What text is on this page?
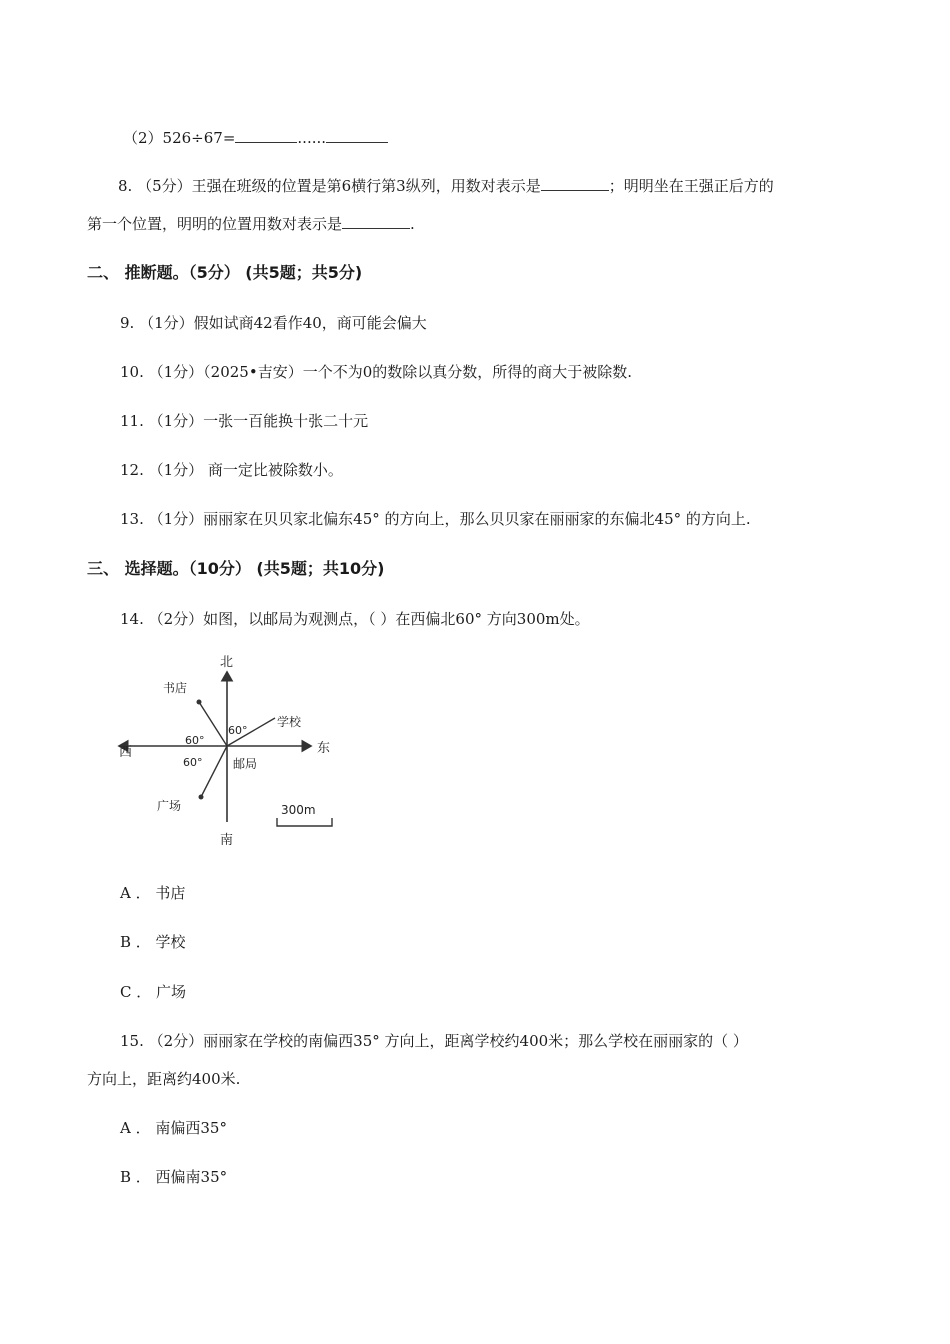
（2）526÷67=	......
8. （5分）王强在班级的位置是第6横行第3纵列，用数对表示是	；明明坐在王强正后方的
第一个位置，明明的位置用数对表示是	.
二、 推断题。（5分） (共5题；共5分)
9. （1分）假如试商42看作40，商可能会偏大
10. （1分）（2025•吉安）一个不为0的数除以真分数，所得的商大于被除数.
11. （1分）一张一百能换十张二十元
12. （1分） 商一定比被除数小。
13. （1分）丽丽家在贝贝家北偏东45° 的方向上，那么贝贝家在丽丽家的东偏北45° 的方向上.
三、 选择题。（10分） (共5题；共10分)
14. （2分）如图，以邮局为观测点，（ ）在西偏北60° 方向300m处。
北
南
东
西
书店
学校
广场
邮局
60°
60°
60°
300m
A ． 书店
B ． 学校
C ． 广场
15. （2分）丽丽家在学校的南偏西35° 方向上，距离学校约400米；那么学校在丽丽家的（ ）
方向上，距离约400米.
A ． 南偏西35°
B ． 西偏南35°
